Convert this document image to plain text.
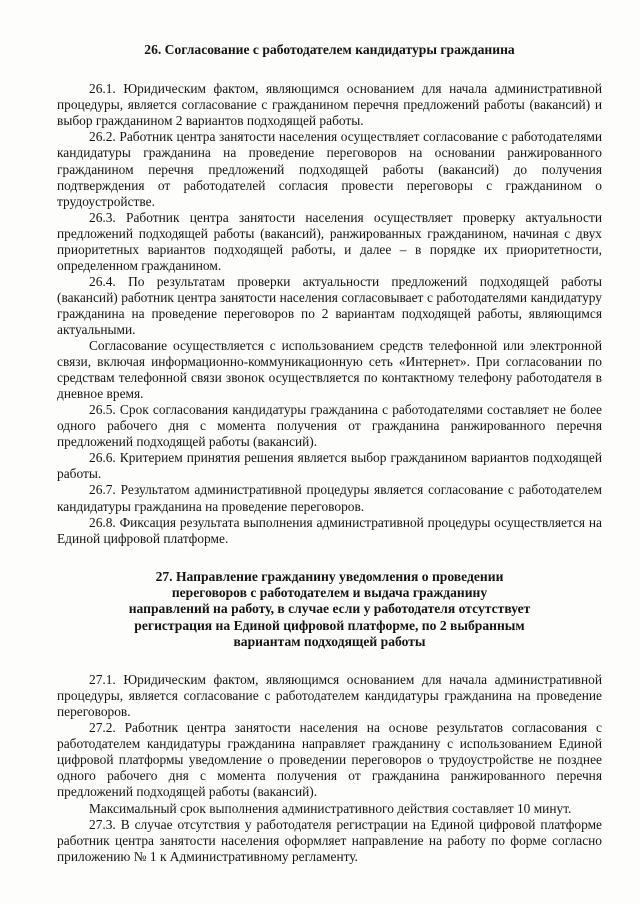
26. Согласование с работодателем кандидатуры гражданина

26.1. Юридическим фактом, являющимся основанием для начала административной процедуры, является согласование с гражданином перечня предложений работы (вакансий) и выбор гражданином 2 вариантов подходящей работы.

26.2. Работник центра занятости населения осуществляет согласование с работодателями кандидатуры гражданина на проведение переговоров на основании ранжированного гражданином перечня предложений подходящей работы (вакансий) до получения подтверждения от работодателей согласия провести переговоры с гражданином о трудоустройстве.

26.3. Работник центра занятости населения осуществляет проверку актуальности предложений подходящей работы (вакансий), ранжированных гражданином, начиная с двух приоритетных вариантов подходящей работы, и далее – в порядке их приоритетности, определенном гражданином.

26.4. По результатам проверки актуальности предложений подходящей работы (вакансий) работник центра занятости населения согласовывает с работодателями кандидатуру гражданина на проведение переговоров по 2 вариантам подходящей работы, являющимся актуальными.

Согласование осуществляется с использованием средств телефонной или электронной связи, включая информационно-коммуникационную сеть «Интернет». При согласовании по средствам телефонной связи звонок осуществляется по контактному телефону работодателя в дневное время.

26.5. Срок согласования кандидатуры гражданина с работодателями составляет не более одного рабочего дня с момента получения от гражданина ранжированного перечня предложений подходящей работы (вакансий).

26.6. Критерием принятия решения является выбор гражданином вариантов подходящей работы.

26.7. Результатом административной процедуры является согласование с работодателем кандидатуры гражданина на проведение переговоров.

26.8. Фиксация результата выполнения административной процедуры осуществляется на Единой цифровой платформе.

27. Направление гражданину уведомления о проведении
переговоров с работодателем и выдача гражданину
направлений на работу, в случае если у работодателя отсутствует
регистрация на Единой цифровой платформе, по 2 выбранным
вариантам подходящей работы

27.1. Юридическим фактом, являющимся основанием для начала административной процедуры, является согласование с работодателем кандидатуры гражданина на проведение переговоров.

27.2. Работник центра занятости населения на основе результатов согласования с работодателем кандидатуры гражданина направляет гражданину с использованием Единой цифровой платформы уведомление о проведении переговоров о трудоустройстве не позднее одного рабочего дня с момента получения от гражданина ранжированного перечня предложений подходящей работы (вакансий).

Максимальный срок выполнения административного действия составляет 10 минут.

27.3. В случае отсутствия у работодателя регистрации на Единой цифровой платформе работник центра занятости населения оформляет направление на работу по форме согласно приложению № 1 к Административному регламенту.
